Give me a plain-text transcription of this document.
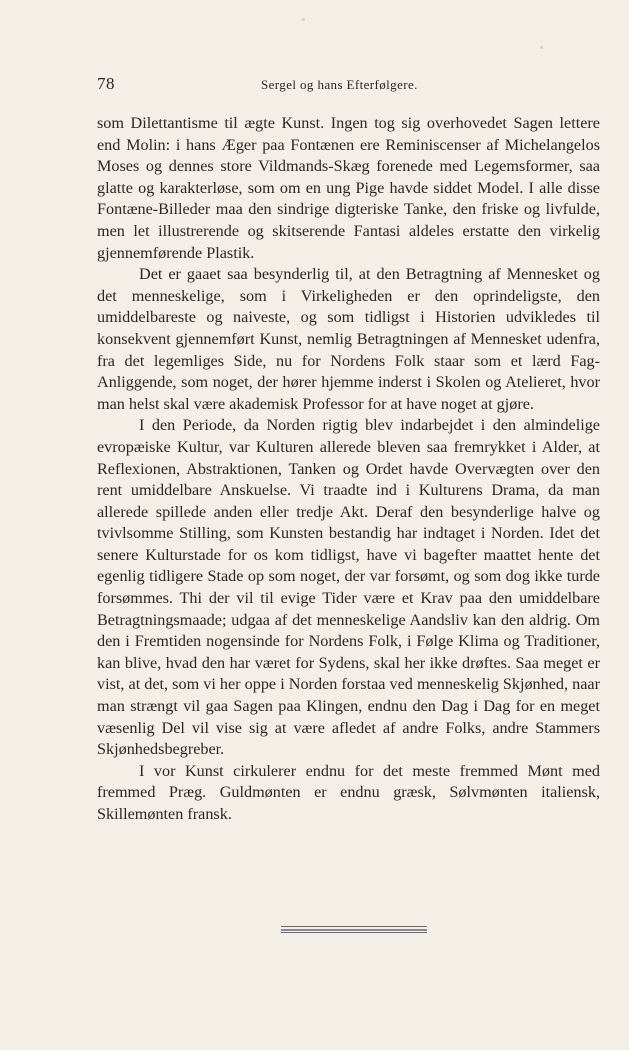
78	Sergel og hans Efterfølgere.

som Dilettantisme til ægte Kunst. Ingen tog sig overhovedet Sagen lettere end Molin: i hans Æger paa Fontænen ere Reminiscenser af Michelangelos Moses og dennes store Vildmands-Skæg forenede med Legemsformer, saa glatte og karakterløse, som om en ung Pige havde siddet Model. I alle disse Fontæne-Billeder maa den sindrige digteriske Tanke, den friske og livfulde, men let illustrerende og skitserende Fantasi aldeles erstatte den virkelig gjennemførende Plastik.

Det er gaaet saa besynderlig til, at den Betragtning af Mennesket og det menneskelige, som i Virkeligheden er den oprindeligste, den umiddelbareste og naiveste, og som tidligst i Historien udvikledes til konsekvent gjennemført Kunst, nemlig Betragtningen af Mennesket udenfra, fra det legemliges Side, nu for Nordens Folk staar som et lærd Fag-Anliggende, som noget, der hører hjemme inderst i Skolen og Atelieret, hvor man helst skal være akademisk Professor for at have noget at gjøre.

I den Periode, da Norden rigtig blev indarbejdet i den almindelige evropæiske Kultur, var Kulturen allerede bleven saa fremrykket i Alder, at Reflexionen, Abstraktionen, Tanken og Ordet havde Overvægten over den rent umiddelbare Anskuelse. Vi traadte ind i Kulturens Drama, da man allerede spillede anden eller tredje Akt. Deraf den besynderlige halve og tvivlsomme Stilling, som Kunsten bestandig har indtaget i Norden. Idet det senere Kulturstade for os kom tidligst, have vi bagefter maattet hente det egenlig tidligere Stade op som noget, der var forsømt, og som dog ikke turde forsømmes. Thi der vil til evige Tider være et Krav paa den umiddelbare Betragtningsmaade; udgaa af det menneskelige Aandsliv kan den aldrig. Om den i Fremtiden nogensinde for Nordens Folk, i Følge Klima og Traditioner, kan blive, hvad den har været for Sydens, skal her ikke drøftes. Saa meget er vist, at det, som vi her oppe i Norden forstaa ved menneskelig Skjønhed, naar man strængt vil gaa Sagen paa Klingen, endnu den Dag i Dag for en meget væsenlig Del vil vise sig at være afledet af andre Folks, andre Stammers Skjønhedsbegreber.

I vor Kunst cirkulerer endnu for det meste fremmed Mønt med fremmed Præg. Guldmønten er endnu græsk, Sølvmønten italiensk, Skillemønten fransk.
